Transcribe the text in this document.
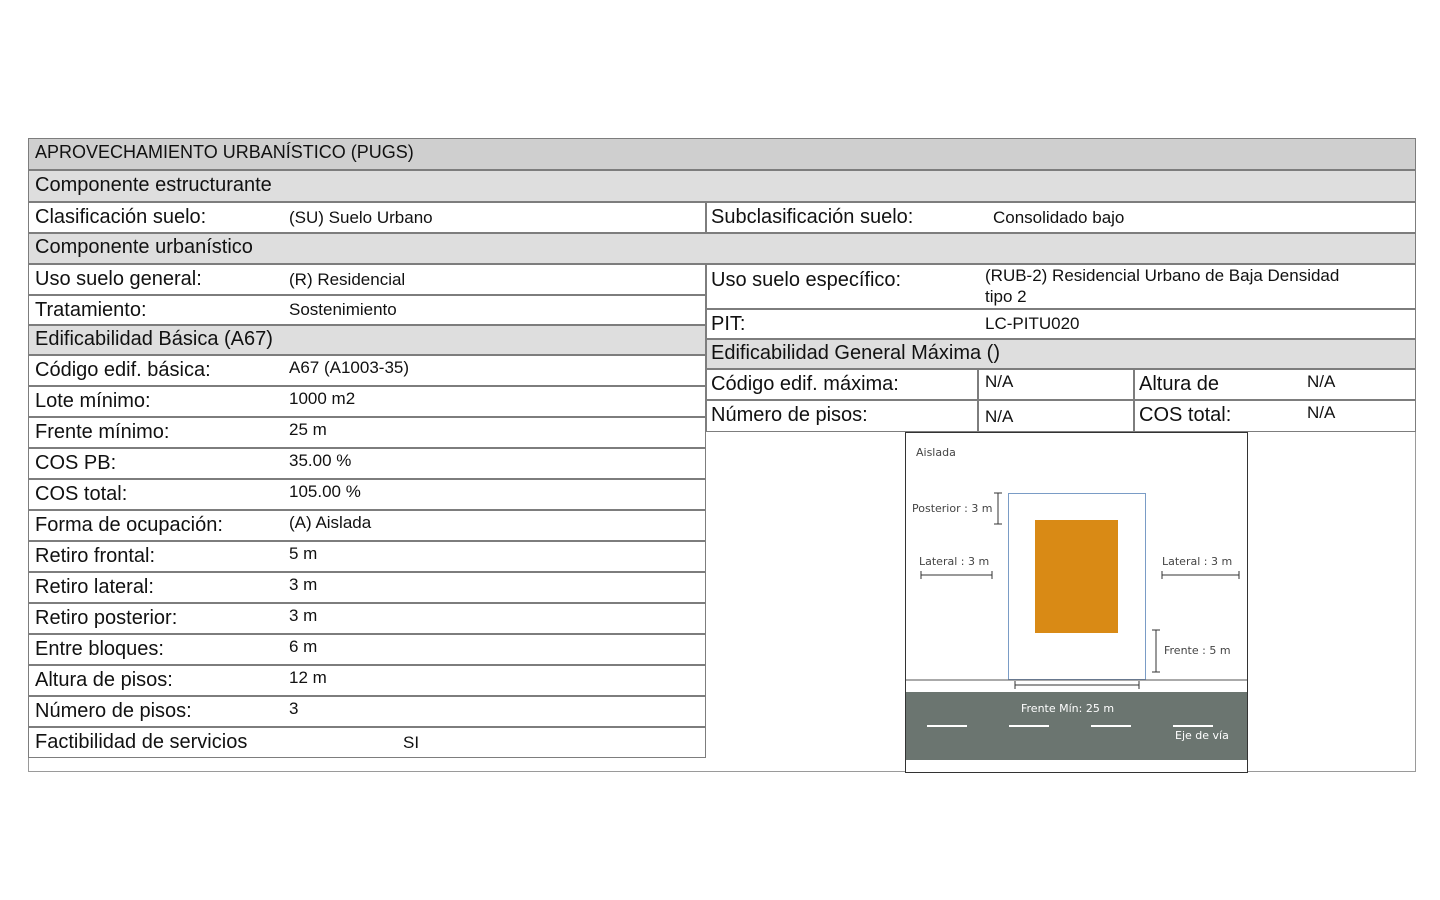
APROVECHAMIENTO URBANÍSTICO (PUGS)
Componente estructurante
Clasificación suelo:	(SU) Suelo Urbano	Subclasificación suelo:	Consolidado bajo
Componente urbanístico
Uso suelo general:	(R) Residencial	Uso suelo específico:	(RUB-2) Residencial Urbano de Baja Densidad
tipo 2
Tratamiento:	Sostenimiento
PIT:	LC-PITU020
Edificabilidad Básica (A67)
Código edif. básica:	A67 (A1003-35)
Lote mínimo:	1000 m2
Frente mínimo:	25 m
COS PB:	35.00 %
COS total:	105.00 %
Forma de ocupación:	(A) Aislada
Retiro frontal:	5 m
Retiro lateral:	3 m
Retiro posterior:	3 m
Entre bloques:	6 m
Altura de pisos:	12 m
Número de pisos:	3
Factibilidad de servicios	SI
Edificabilidad General Máxima ()
Código edif. máxima:	N/A	Altura de	N/A
Número de pisos:	N/A	COS total:	N/A
Aislada
Posterior : 3 m
Lateral : 3 m	Lateral : 3 m
Frente : 5 m
Frente Mín: 25 m
Eje de vía
